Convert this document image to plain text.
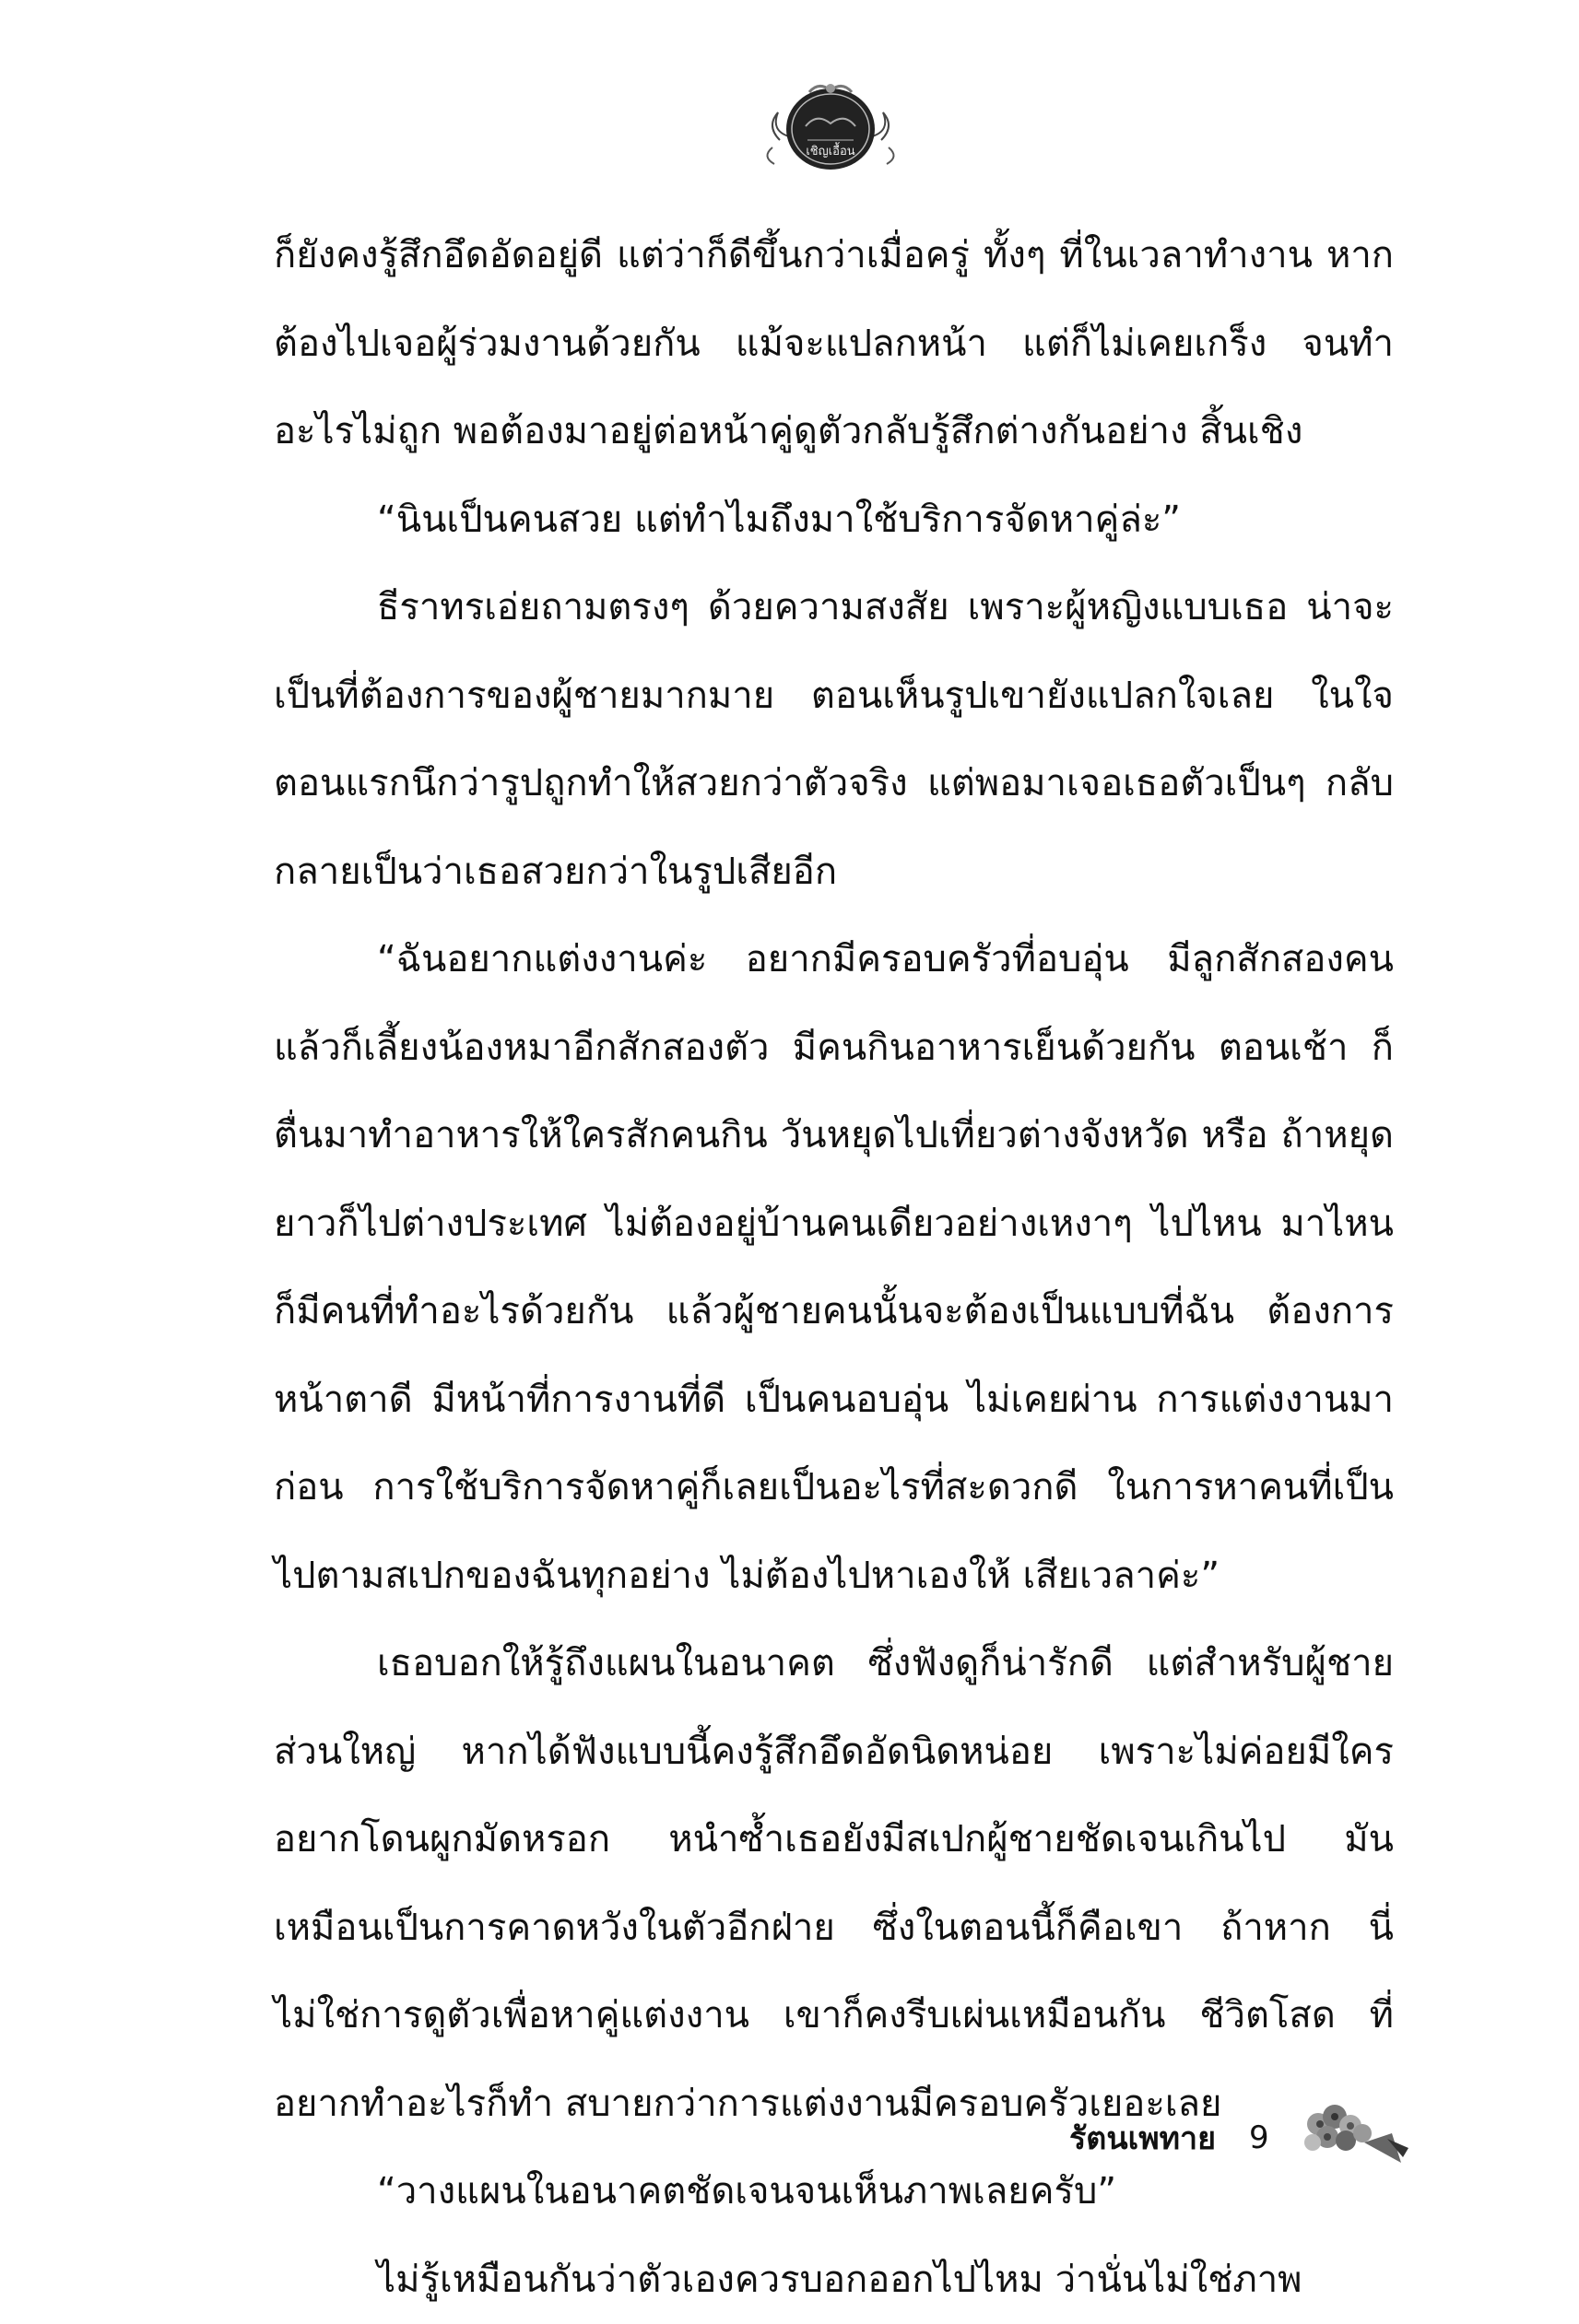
เชิญเอื้อน

ก็ยังคงรู้สึกอึดอัดอยู่ดี แต่ว่าก็ดีขึ้นกว่าเมื่อครู่ ทั้งๆ ที่ในเวลาทำงาน หากต้องไปเจอผู้ร่วมงานด้วยกัน แม้จะแปลกหน้า แต่ก็ไม่เคยเกร็ง จนทำอะไรไม่ถูก พอต้องมาอยู่ต่อหน้าคู่ดูตัวกลับรู้สึกต่างกันอย่าง สิ้นเชิง

“นินเป็นคนสวย แต่ทำไมถึงมาใช้บริการจัดหาคู่ล่ะ”

ธีราทรเอ่ยถามตรงๆ ด้วยความสงสัย เพราะผู้หญิงแบบเธอ น่าจะเป็นที่ต้องการของผู้ชายมากมาย ตอนเห็นรูปเขายังแปลกใจเลย ในใจตอนแรกนึกว่ารูปถูกทำให้สวยกว่าตัวจริง แต่พอมาเจอเธอตัวเป็นๆ กลับกลายเป็นว่าเธอสวยกว่าในรูปเสียอีก

“ฉันอยากแต่งงานค่ะ อยากมีครอบครัวที่อบอุ่น มีลูกสักสองคน แล้วก็เลี้ยงน้องหมาอีกสักสองตัว มีคนกินอาหารเย็นด้วยกัน ตอนเช้า ก็ตื่นมาทำอาหารให้ใครสักคนกิน วันหยุดไปเที่ยวต่างจังหวัด หรือ ถ้าหยุดยาวก็ไปต่างประเทศ ไม่ต้องอยู่บ้านคนเดียวอย่างเหงาๆ ไปไหน มาไหนก็มีคนที่ทำอะไรด้วยกัน แล้วผู้ชายคนนั้นจะต้องเป็นแบบที่ฉัน ต้องการ หน้าตาดี มีหน้าที่การงานที่ดี เป็นคนอบอุ่น ไม่เคยผ่าน การแต่งงานมาก่อน การใช้บริการจัดหาคู่ก็เลยเป็นอะไรที่สะดวกดี ในการหาคนที่เป็นไปตามสเปกของฉันทุกอย่าง ไม่ต้องไปหาเองให้ เสียเวลาค่ะ”

เธอบอกให้รู้ถึงแผนในอนาคต ซึ่งฟังดูก็น่ารักดี แต่สำหรับผู้ชาย ส่วนใหญ่ หากได้ฟังแบบนี้คงรู้สึกอึดอัดนิดหน่อย เพราะไม่ค่อยมีใคร อยากโดนผูกมัดหรอก หนำซ้ำเธอยังมีสเปกผู้ชายชัดเจนเกินไป มันเหมือนเป็นการคาดหวังในตัวอีกฝ่าย ซึ่งในตอนนี้ก็คือเขา ถ้าหาก นี่ไม่ใช่การดูตัวเพื่อหาคู่แต่งงาน เขาก็คงรีบเผ่นเหมือนกัน ชีวิตโสด ที่อยากทำอะไรก็ทำ สบายกว่าการแต่งงานมีครอบครัวเยอะเลย

“วางแผนในอนาคตชัดเจนจนเห็นภาพเลยครับ”

ไม่รู้เหมือนกันว่าตัวเองควรบอกออกไปไหม ว่านั่นไม่ใช่ภาพ

รัตนเพทาย 9
